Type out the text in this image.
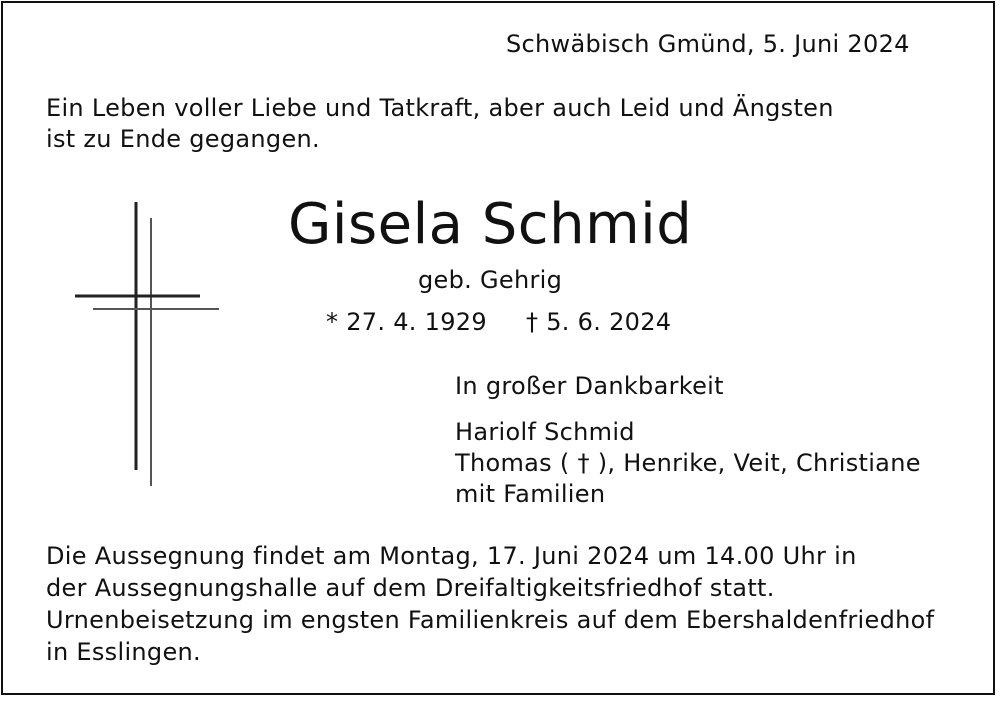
Schwäbisch Gmünd, 5. Juni 2024
Ein Leben voller Liebe und Tatkraft, aber auch Leid und Ängsten
ist zu Ende gegangen.
Gisela Schmid
geb. Gehrig
* 27. 4. 1929 † 5. 6. 2024
In großer Dankbarkeit
Hariolf Schmid
Thomas ( † ), Henrike, Veit, Christiane
mit Familien
Die Aussegnung findet am Montag, 17. Juni 2024 um 14.00 Uhr in
der Aussegnungshalle auf dem Dreifaltigkeitsfriedhof statt.
Urnenbeisetzung im engsten Familienkreis auf dem Ebershaldenfriedhof
in Esslingen.
